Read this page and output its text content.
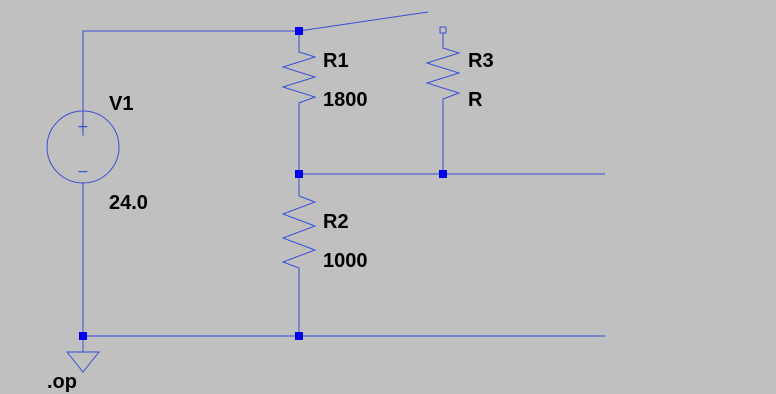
+
−
V1
24.0
R1
1800
R2
1000
R3
R
.op
